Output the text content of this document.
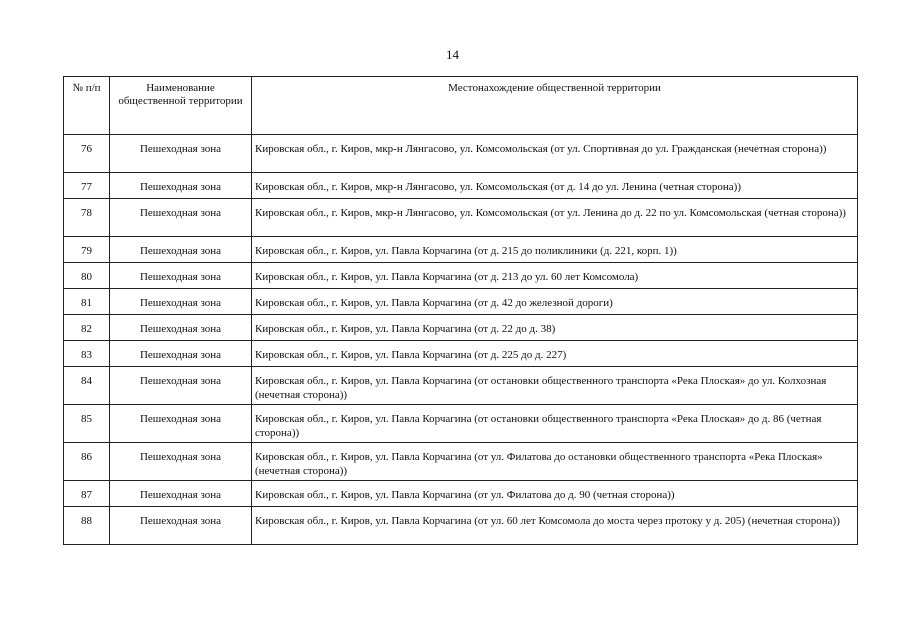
14
№ п/п	Наименование общественной территории	Местонахождение общественной территории
76	Пешеходная зона	Кировская обл., г. Киров, мкр-н Лянгасово, ул. Комсомольская (от ул. Спортивная до ул. Гражданская (нечетная сторона))
77	Пешеходная зона	Кировская обл., г. Киров, мкр-н Лянгасово, ул. Комсомольская (от д. 14 до ул. Ленина (четная сторона))
78	Пешеходная зона	Кировская обл., г. Киров, мкр-н Лянгасово, ул. Комсомольская (от ул. Ленина до д. 22 по ул. Комсомольская (четная сторона))
79	Пешеходная зона	Кировская обл., г. Киров, ул. Павла Корчагина (от д. 215 до поликлиники (д. 221, корп. 1))
80	Пешеходная зона	Кировская обл., г. Киров, ул. Павла Корчагина (от д. 213 до ул. 60 лет Комсомола)
81	Пешеходная зона	Кировская обл., г. Киров, ул. Павла Корчагина (от д. 42 до железной дороги)
82	Пешеходная зона	Кировская обл., г. Киров, ул. Павла Корчагина (от д. 22 до д. 38)
83	Пешеходная зона	Кировская обл., г. Киров, ул. Павла Корчагина (от д. 225 до д. 227)
84	Пешеходная зона	Кировская обл., г. Киров, ул. Павла Корчагина (от остановки общественного транспорта «Река Плоская» до ул. Колхозная (нечетная сторона))
85	Пешеходная зона	Кировская обл., г. Киров, ул. Павла Корчагина (от остановки общественного транспорта «Река Плоская» до д. 86 (четная сторона))
86	Пешеходная зона	Кировская обл., г. Киров, ул. Павла Корчагина (от ул. Филатова до остановки общественного транспорта «Река Плоская» (нечетная сторона))
87	Пешеходная зона	Кировская обл., г. Киров, ул. Павла Корчагина (от ул. Филатова до д. 90 (четная сторона))
88	Пешеходная зона	Кировская обл., г. Киров, ул. Павла Корчагина (от ул. 60 лет Комсомола до моста через протоку у д. 205) (нечетная сторона))
